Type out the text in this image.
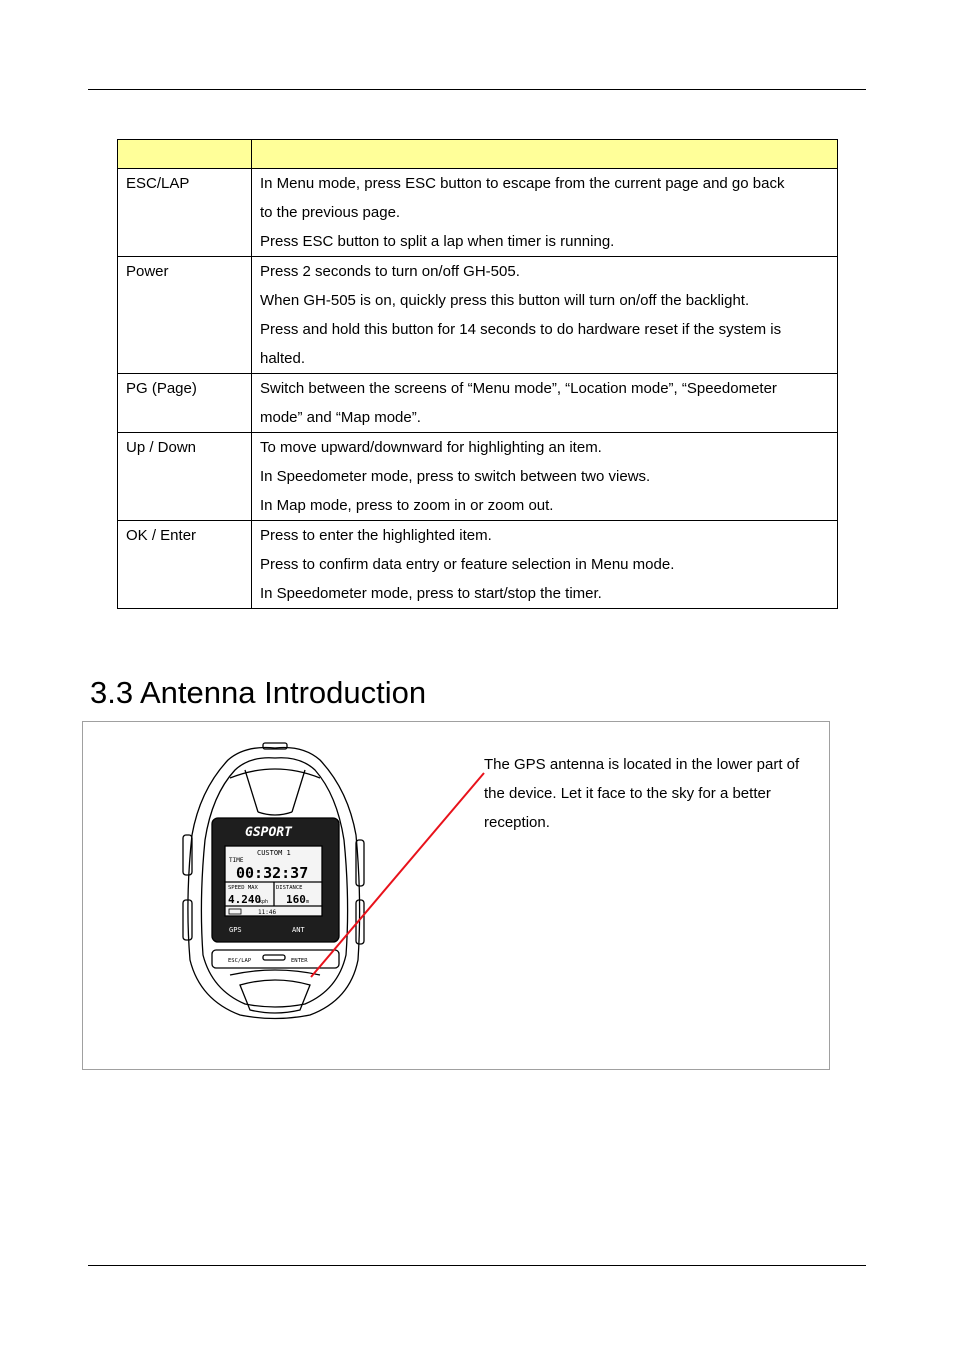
ESC/LAP	In Menu mode, press ESC button to escape from the current page and go back
to the previous page.
Press ESC button to split a lap when timer is running.

Power	Press 2 seconds to turn on/off GH-505.
When GH-505 is on, quickly press this button will turn on/off the backlight.
Press and hold this button for 14 seconds to do hardware reset if the system is
halted.

PG (Page)	Switch between the screens of “Menu mode”, “Location mode”, “Speedometer
mode” and “Map mode”.

Up / Down	To move upward/downward for highlighting an item.
In Speedometer mode, press to switch between two views.
In Map mode, press to zoom in or zoom out.

OK / Enter	Press to enter the highlighted item.
Press to confirm data entry or feature selection in Menu mode.
In Speedometer mode, press to start/stop the timer.
3.3 Antenna Introduction
GSPORT
CUSTOM 1
TIME
00:32:37
SPEED MAX	DISTANCE
4.240
kph 160 m
11:46
GPS	ANT
ESC/LAP	ENTER
The GPS antenna is located in the lower part of
the device. Let it face to the sky for a better
reception.
